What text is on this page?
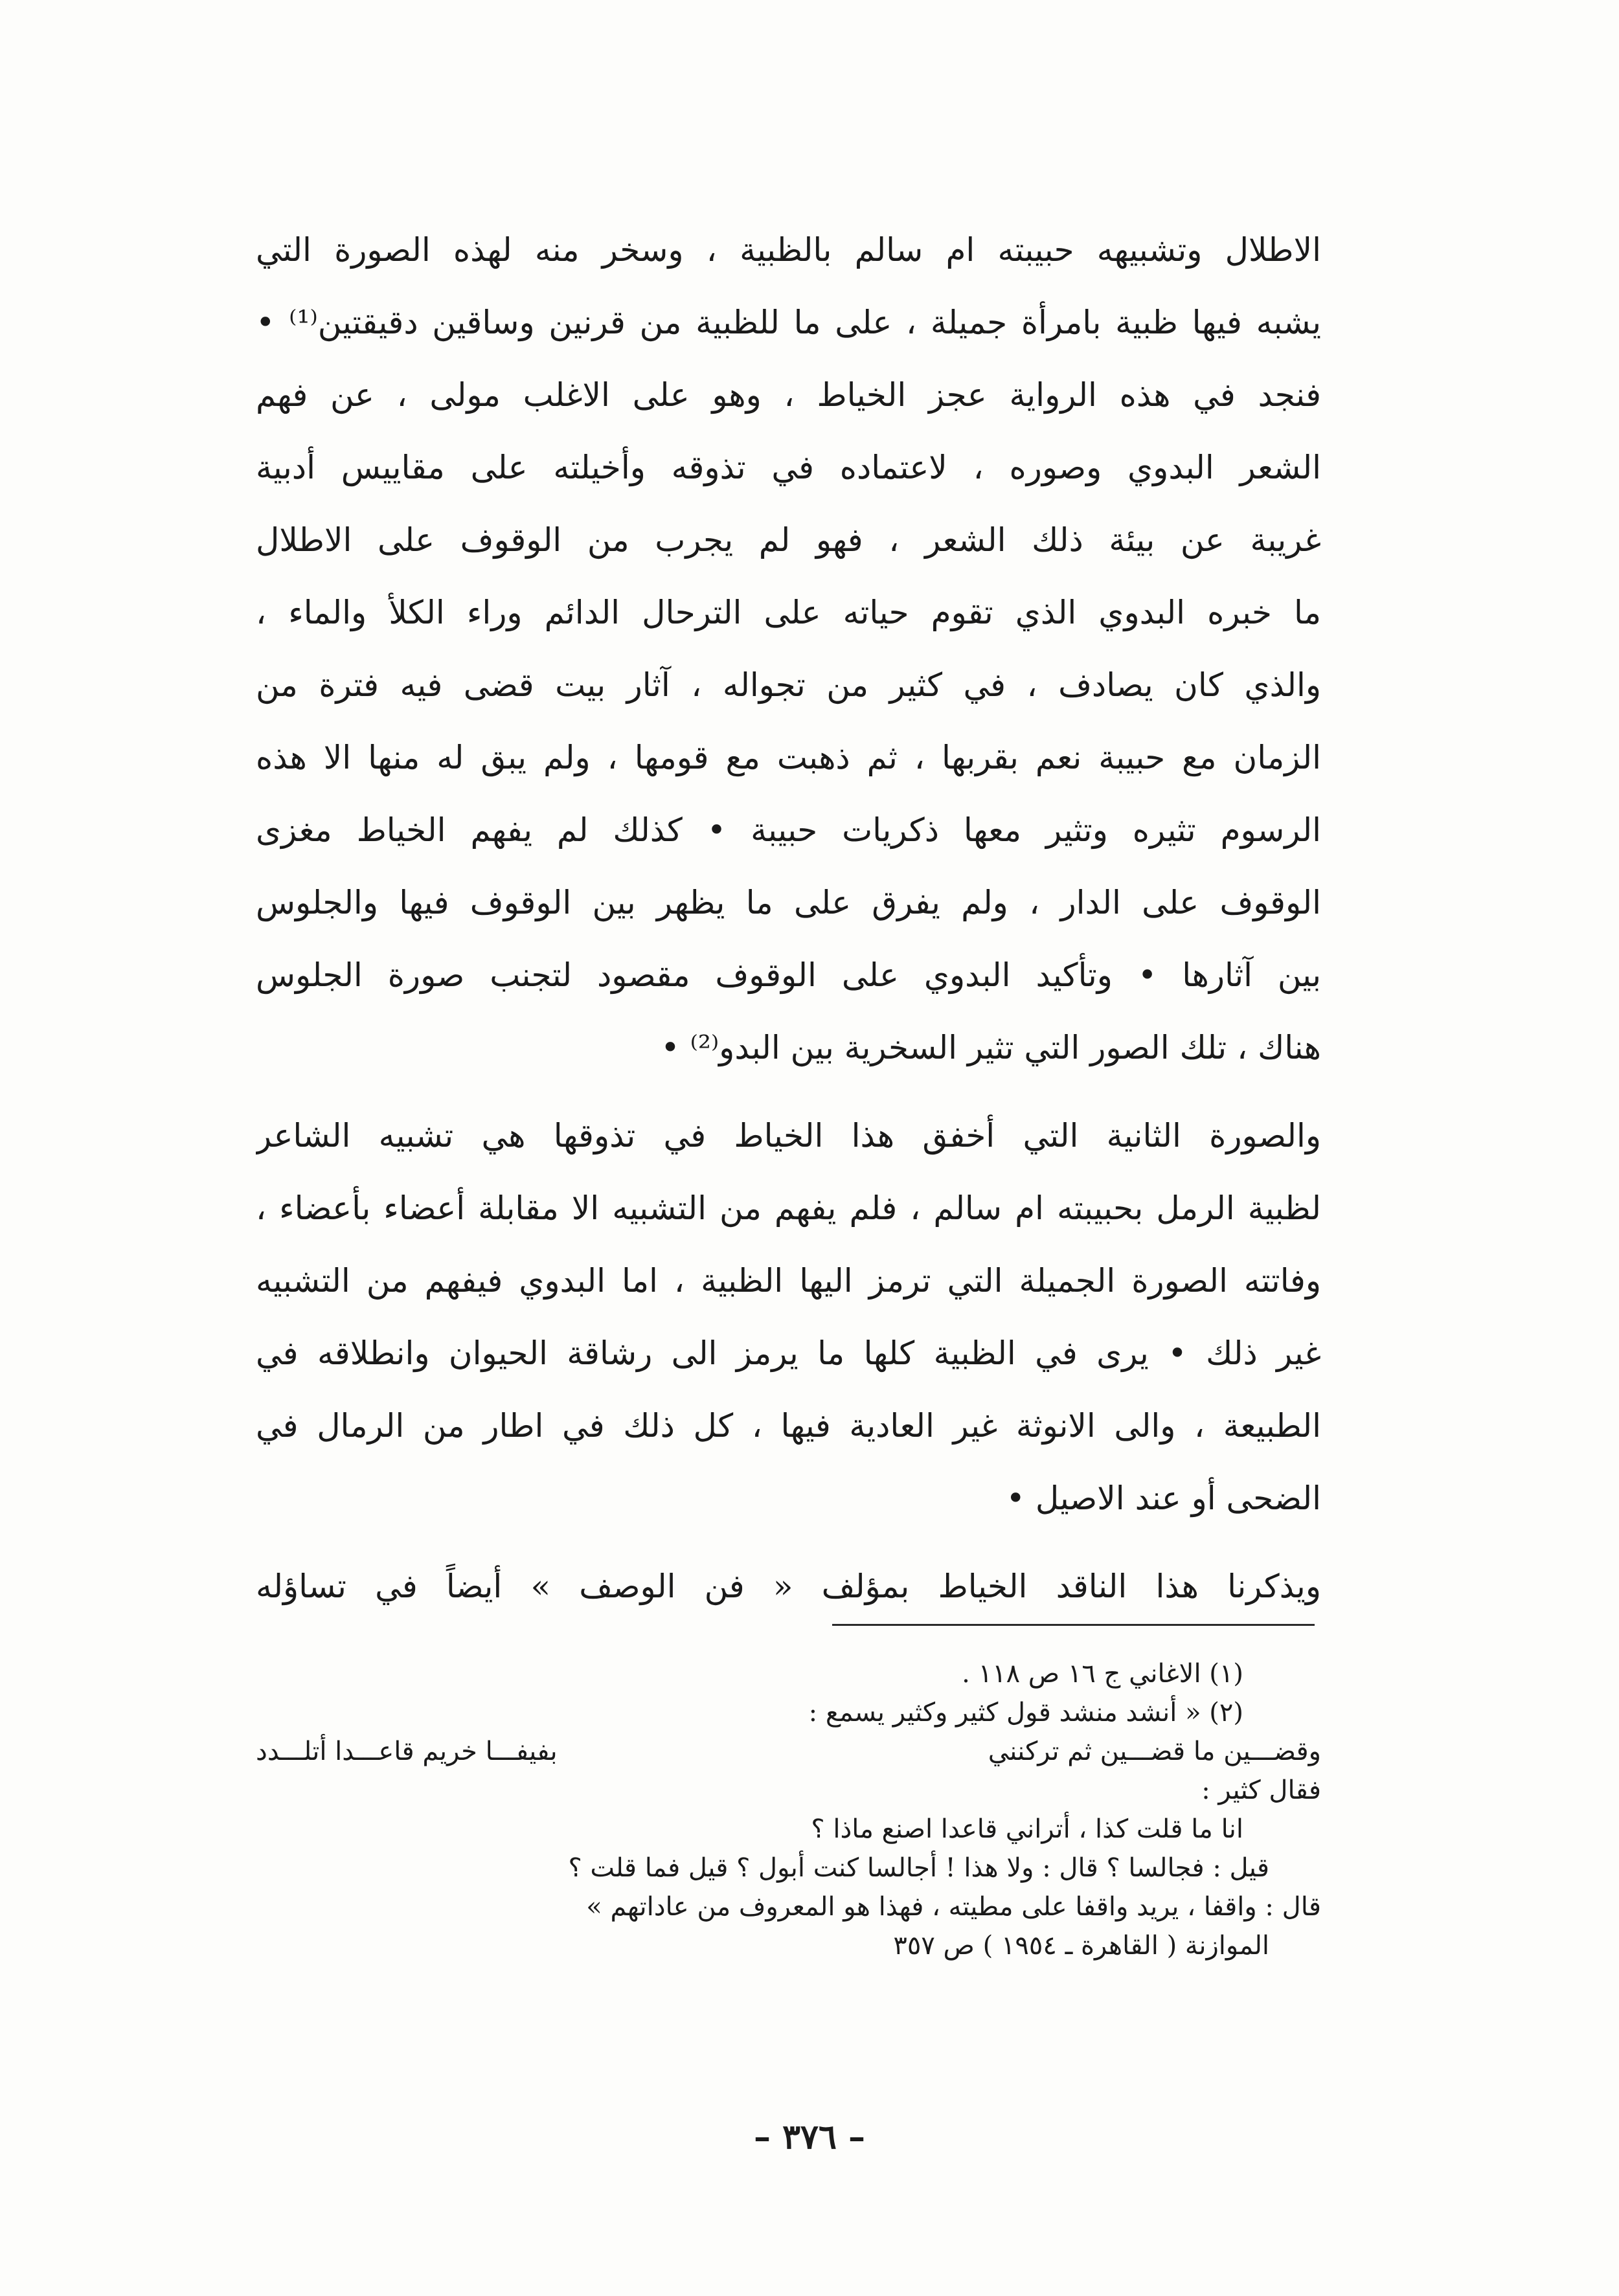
الاطلال وتشبيهه حبيبته ام سالم بالظبية ، وسخر منه لهذه الصورة التي
يشبه فيها ظبية بامرأة جميلة ، على ما للظبية من قرنين وساقين دقيقتين⁽¹⁾ •
فنجد في هذه الرواية عجز الخياط ، وهو على الاغلب مولى ، عن فهم
الشعر البدوي وصوره ، لاعتماده في تذوقه وأخيلته على مقاييس أدبية
غريبة عن بيئة ذلك الشعر ، فهو لم يجرب من الوقوف على الاطلال
ما خبره البدوي الذي تقوم حياته على الترحال الدائم وراء الكلأ والماء ،
والذي كان يصادف ، في كثير من تجواله ، آثار بيت قضى فيه فترة من
الزمان مع حبيبة نعم بقربها ، ثم ذهبت مع قومها ، ولم يبق له منها الا هذه
الرسوم تثيره وتثير معها ذكريات حبيبة • كذلك لم يفهم الخياط مغزى
الوقوف على الدار ، ولم يفرق على ما يظهر بين الوقوف فيها والجلوس
بين آثارها • وتأكيد البدوي على الوقوف مقصود لتجنب صورة الجلوس
هناك ، تلك الصور التي تثير السخرية بين البدو⁽²⁾ •
والصورة الثانية التي أخفق هذا الخياط في تذوقها هي تشبيه الشاعر
لظبية الرمل بحبيبته ام سالم ، فلم يفهم من التشبيه الا مقابلة أعضاء بأعضاء ،
وفاتته الصورة الجميلة التي ترمز اليها الظبية ، اما البدوي فيفهم من التشبيه
غير ذلك • يرى في الظبية كلها ما يرمز الى رشاقة الحيوان وانطلاقه في
الطبيعة ، والى الانوثة غير العادية فيها ، كل ذلك في اطار من الرمال في
الضحى أو عند الاصيل •
ويذكرنا هذا الناقد الخياط بمؤلف « فن الوصف » أيضاً في تساؤله
(١) الاغاني ج ١٦ ص ١١٨ .
(٢) « أنشد منشد قول كثير وكثير يسمع :
وقضـــين ما قضـــين ثم تركنني
بفيفـــا خريم قاعـــدا أتلـــدد
فقال كثير :
انا ما قلت كذا ، أتراني قاعدا اصنع ماذا ؟
قيل : فجالسا ؟ قال : ولا هذا ! أجالسا كنت أبول ؟ قيل فما قلت ؟
قال : واقفا ، يريد واقفا على مطيته ، فهذا هو المعروف من عاداتهم »
الموازنة ( القاهرة ـ ١٩٥٤ ) ص ٣٥٧
– ٣٧٦ –
